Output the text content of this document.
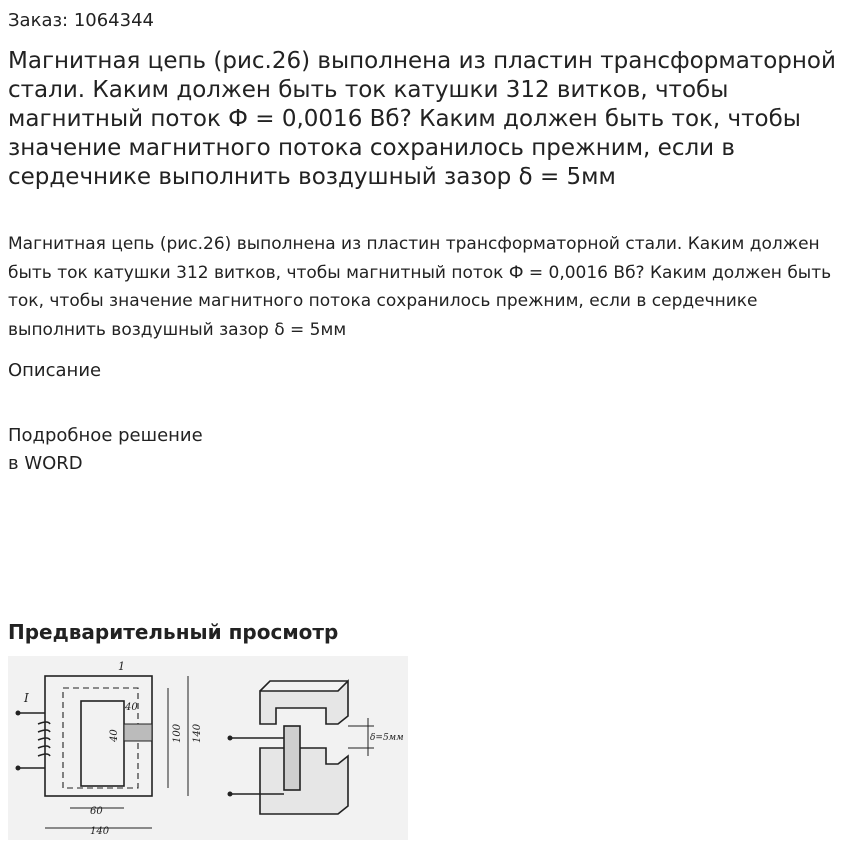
Заказ: 1064344
Магнитная цепь (рис.26) выполнена из пластин трансформаторной стали. Каким должен быть ток катушки 312 витков, чтобы магнитный поток Ф = 0,0016 Вб? Каким должен быть ток, чтобы значение магнитного потока сохранилось прежним, если в сердечнике выполнить воздушный зазор δ = 5мм

Магнитная цепь (рис.26) выполнена из пластин трансформаторной стали. Каким должен быть ток катушки 312 витков, чтобы магнитный поток Ф = 0,0016 Вб? Каким должен быть ток, чтобы значение магнитного потока сохранилось прежним, если в сердечнике выполнить воздушный зазор δ = 5мм

Описание
Подробное решение
в WORD
Предварительный просмотр
I
1
40
40	100 140
60
140
δ=5мм
